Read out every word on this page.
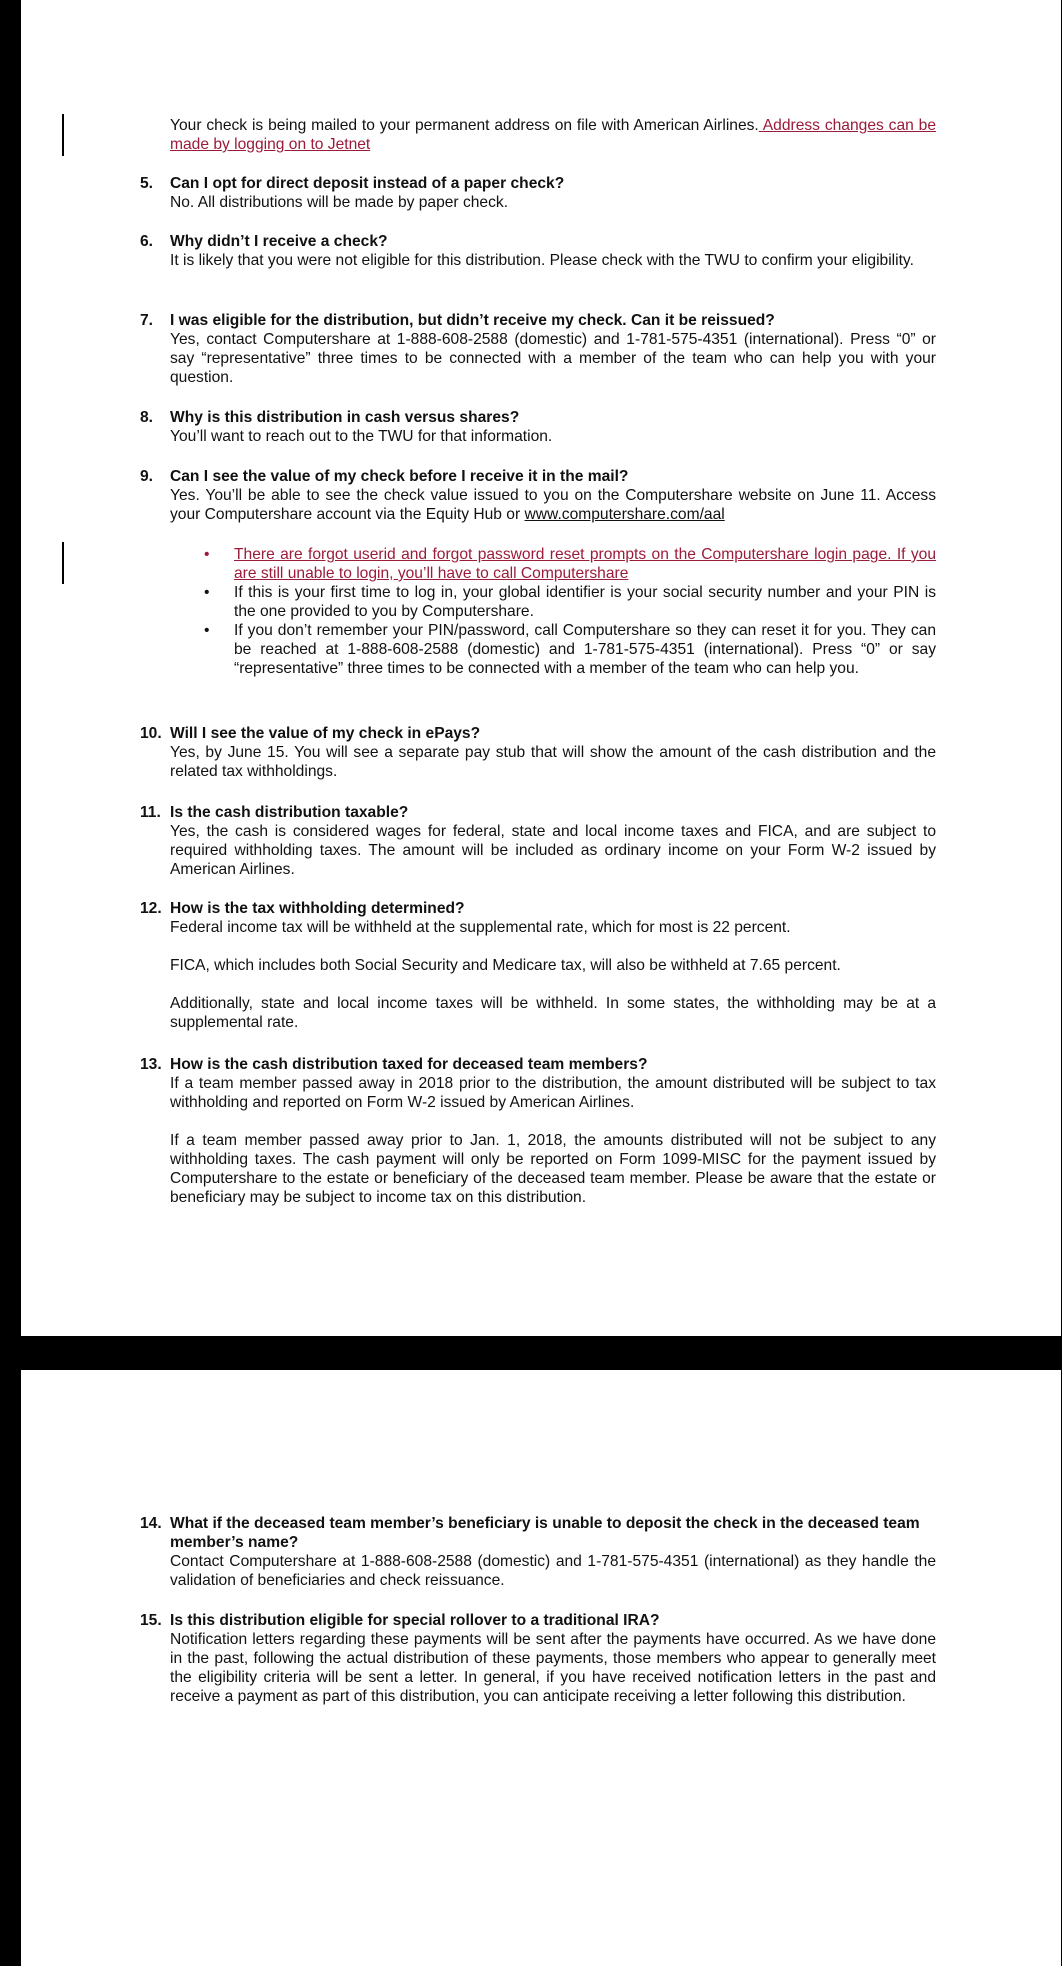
Your check is being mailed to your permanent address on file with American Airlines. Address changes can be made by logging on to Jetnet
5.	Can I opt for direct deposit instead of a paper check?
No. All distributions will be made by paper check.
6.	Why didn’t I receive a check?
It is likely that you were not eligible for this distribution. Please check with the TWU to confirm your eligibility.
7.	I was eligible for the distribution, but didn’t receive my check. Can it be reissued?
Yes, contact Computershare at 1-888-608-2588 (domestic) and 1-781-575-4351 (international). Press “0” or say “representative” three times to be connected with a member of the team who can help you with your question.
8.	Why is this distribution in cash versus shares?
You’ll want to reach out to the TWU for that information.
9.	Can I see the value of my check before I receive it in the mail?
Yes. You’ll be able to see the check value issued to you on the Computershare website on June 11. Access your Computershare account via the Equity Hub or www.computershare.com/aal
• There are forgot userid and forgot password reset prompts on the Computershare login page. If you are still unable to login, you’ll have to call Computershare
• If this is your first time to log in, your global identifier is your social security number and your PIN is the one provided to you by Computershare.
• If you don’t remember your PIN/password, call Computershare so they can reset it for you. They can be reached at 1-888-608-2588 (domestic) and 1-781-575-4351 (international). Press “0” or say “representative” three times to be connected with a member of the team who can help you.
10. Will I see the value of my check in ePays?
Yes, by June 15. You will see a separate pay stub that will show the amount of the cash distribution and the related tax withholdings.
11. Is the cash distribution taxable?
Yes, the cash is considered wages for federal, state and local income taxes and FICA, and are subject to required withholding taxes. The amount will be included as ordinary income on your Form W-2 issued by American Airlines.
12. How is the tax withholding determined?
Federal income tax will be withheld at the supplemental rate, which for most is 22 percent.
FICA, which includes both Social Security and Medicare tax, will also be withheld at 7.65 percent.
Additionally, state and local income taxes will be withheld. In some states, the withholding may be at a supplemental rate.
13. How is the cash distribution taxed for deceased team members?
If a team member passed away in 2018 prior to the distribution, the amount distributed will be subject to tax withholding and reported on Form W-2 issued by American Airlines.
If a team member passed away prior to Jan. 1, 2018, the amounts distributed will not be subject to any withholding taxes. The cash payment will only be reported on Form 1099-MISC for the payment issued by Computershare to the estate or beneficiary of the deceased team member. Please be aware that the estate or beneficiary may be subject to income tax on this distribution.
14. What if the deceased team member’s beneficiary is unable to deposit the check in the deceased team member’s name?
Contact Computershare at 1-888-608-2588 (domestic) and 1-781-575-4351 (international) as they handle the validation of beneficiaries and check reissuance.
15. Is this distribution eligible for special rollover to a traditional IRA?
Notification letters regarding these payments will be sent after the payments have occurred. As we have done in the past, following the actual distribution of these payments, those members who appear to generally meet the eligibility criteria will be sent a letter. In general, if you have received notification letters in the past and receive a payment as part of this distribution, you can anticipate receiving a letter following this distribution.
